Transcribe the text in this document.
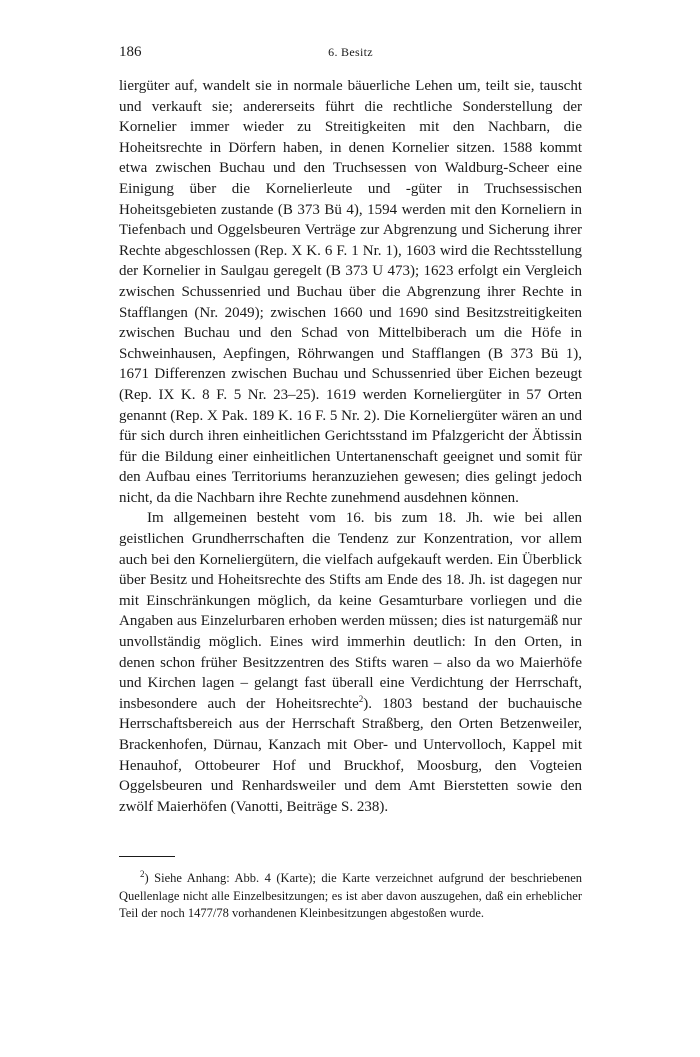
186	6. Besitz

liergüter auf, wandelt sie in normale bäuerliche Lehen um, teilt sie, tauscht und verkauft sie; andererseits führt die rechtliche Sonderstellung der Kornelier immer wieder zu Streitigkeiten mit den Nachbarn, die Hoheitsrechte in Dörfern haben, in denen Kornelier sitzen. 1588 kommt etwa zwischen Buchau und den Truchsessen von Waldburg-Scheer eine Einigung über die Kornelierleute und -güter in Truchsessischen Hoheitsgebieten zustande (B 373 Bü 4), 1594 werden mit den Korneliern in Tiefenbach und Oggelsbeuren Verträge zur Abgrenzung und Sicherung ihrer Rechte abgeschlossen (Rep. X K. 6 F. 1 Nr. 1), 1603 wird die Rechtsstellung der Kornelier in Saulgau geregelt (B 373 U 473); 1623 erfolgt ein Vergleich zwischen Schussenried und Buchau über die Abgrenzung ihrer Rechte in Stafflangen (Nr. 2049); zwischen 1660 und 1690 sind Besitzstreitigkeiten zwischen Buchau und den Schad von Mittelbiberach um die Höfe in Schweinhausen, Aepfingen, Röhrwangen und Stafflangen (B 373 Bü 1), 1671 Differenzen zwischen Buchau und Schussenried über Eichen bezeugt (Rep. IX K. 8 F. 5 Nr. 23–25). 1619 werden Korneliergüter in 57 Orten genannt (Rep. X Pak. 189 K. 16 F. 5 Nr. 2). Die Korneliergüter wären an und für sich durch ihren einheitlichen Gerichtsstand im Pfalzgericht der Äbtissin für die Bildung einer einheitlichen Untertanenschaft geeignet und somit für den Aufbau eines Territoriums heranzuziehen gewesen; dies gelingt jedoch nicht, da die Nachbarn ihre Rechte zunehmend ausdehnen können.

Im allgemeinen besteht vom 16. bis zum 18. Jh. wie bei allen geistlichen Grundherrschaften die Tendenz zur Konzentration, vor allem auch bei den Korneliergütern, die vielfach aufgekauft werden. Ein Überblick über Besitz und Hoheitsrechte des Stifts am Ende des 18. Jh. ist dagegen nur mit Einschränkungen möglich, da keine Gesamturbare vorliegen und die Angaben aus Einzelurbaren erhoben werden müssen; dies ist naturgemäß nur unvollständig möglich. Eines wird immerhin deutlich: In den Orten, in denen schon früher Besitzzentren des Stifts waren – also da wo Maierhöfe und Kirchen lagen – gelangt fast überall eine Verdichtung der Herrschaft, insbesondere auch der Hoheitsrechte$^2$). 1803 bestand der buchauische Herrschaftsbereich aus der Herrschaft Straßberg, den Orten Betzenweiler, Brackenhofen, Dürnau, Kanzach mit Ober- und Untervolloch, Kappel mit Henauhof, Ottobeurer Hof und Bruckhof, Moosburg, den Vogteien Oggelsbeuren und Renhardsweiler und dem Amt Bierstetten sowie den zwölf Maierhöfen (Vanotti, Beiträge S. 238).

$^2$) Siehe Anhang: Abb. 4 (Karte); die Karte verzeichnet aufgrund der beschriebenen Quellenlage nicht alle Einzelbesitzungen; es ist aber davon auszugehen, daß ein erheblicher Teil der noch 1477/78 vorhandenen Kleinbesitzungen abgestoßen wurde.
